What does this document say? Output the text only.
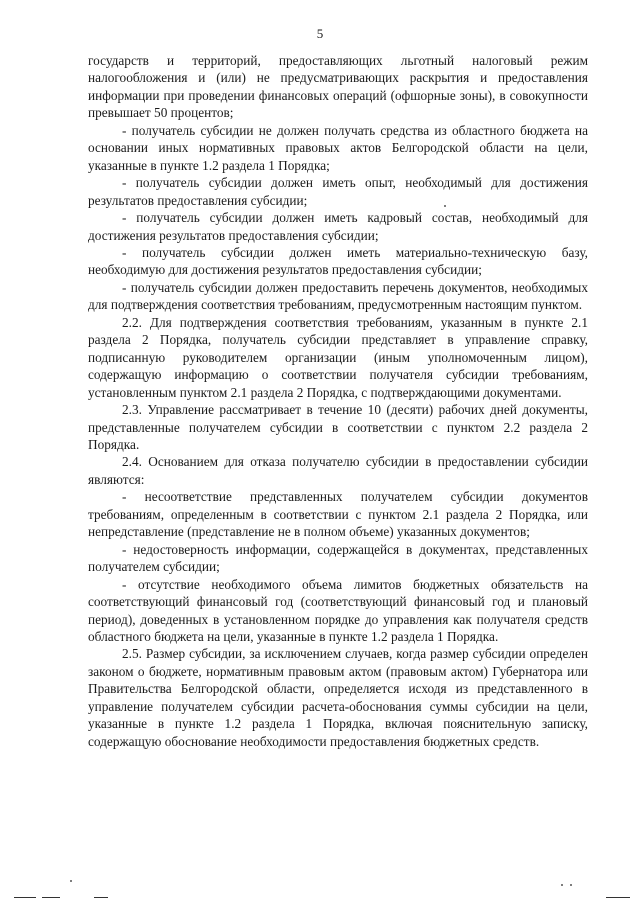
5

государств и территорий, предоставляющих льготный налоговый режим налогообложения и (или) не предусматривающих раскрытия и предоставления информации при проведении финансовых операций (офшорные зоны), в совокупности превышает 50 процентов;

- получатель субсидии не должен получать средства из областного бюджета на основании иных нормативных правовых актов Белгородской области на цели, указанные в пункте 1.2 раздела 1 Порядка;

- получатель субсидии должен иметь опыт, необходимый для достижения результатов предоставления субсидии;

- получатель субсидии должен иметь кадровый состав, необходимый для достижения результатов предоставления субсидии;

- получатель субсидии должен иметь материально-техническую базу, необходимую для достижения результатов предоставления субсидии;

- получатель субсидии должен предоставить перечень документов, необходимых для подтверждения соответствия требованиям, предусмотренным настоящим пунктом.

2.2. Для подтверждения соответствия требованиям, указанным в пункте 2.1 раздела 2 Порядка, получатель субсидии представляет в управление справку, подписанную руководителем организации (иным уполномоченным лицом), содержащую информацию о соответствии получателя субсидии требованиям, установленным пунктом 2.1 раздела 2 Порядка, с подтверждающими документами.

2.3. Управление рассматривает в течение 10 (десяти) рабочих дней документы, представленные получателем субсидии в соответствии с пунктом 2.2 раздела 2 Порядка.

2.4. Основанием для отказа получателю субсидии в предоставлении субсидии являются:

- несоответствие представленных получателем субсидии документов требованиям, определенным в соответствии с пунктом 2.1 раздела 2 Порядка, или непредставление (представление не в полном объеме) указанных документов;

- недостоверность информации, содержащейся в документах, представленных получателем субсидии;

- отсутствие необходимого объема лимитов бюджетных обязательств на соответствующий финансовый год (соответствующий финансовый год и плановый период), доведенных в установленном порядке до управления как получателя средств областного бюджета на цели, указанные в пункте 1.2 раздела 1 Порядка.

2.5. Размер субсидии, за исключением случаев, когда размер субсидии определен законом о бюджете, нормативным правовым актом (правовым актом) Губернатора или Правительства Белгородской области, определяется исходя из представленного в управление получателем субсидии расчета-обоснования суммы субсидии на цели, указанные в пункте 1.2 раздела 1 Порядка, включая пояснительную записку, содержащую обоснование необходимости предоставления бюджетных средств.
